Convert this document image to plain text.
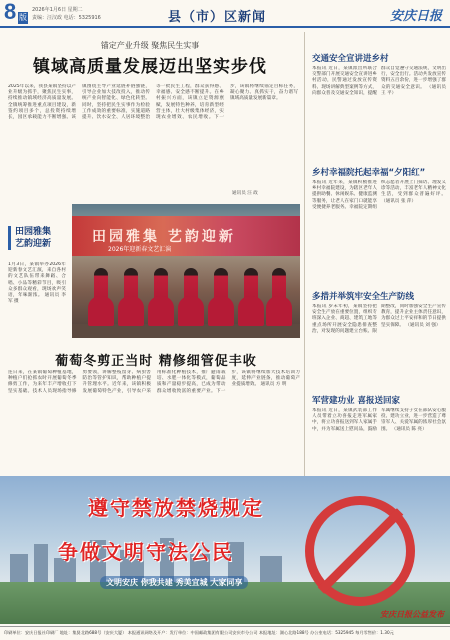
8 版
2026年1月6日 星期二
责编：汪汉政 电话：5325916	县（市）区新闻	安庆日报
锚定产业升级 聚焦民生实事
镇域高质量发展迈出坚实步伐
2025年以来，我县某镇坚持以产业升级为抓手，聚焦民生实事，持续推动镇域经济高质量发展。全镇统筹推进重点项目建设，新签约项目多个，总投资持续增长，园区承载能力不断增强。该镇围绕主导产业延链补链强链，引导企业加大技改投入，推动传统产业向智能化、绿色化转型。同时，坚持把民生实事作为检验工作成效的重要标准，实施道路提升、饮水安全、人居环境整治等一批民生工程，群众获得感、幸福感、安全感不断提升。在乡村振兴方面，该镇立足资源禀赋，发展特色种养，培育新型经营主体，壮大村级集体经济，实现农业增效、农民增收。下一步，该镇将继续锚定目标任务，凝心聚力、真抓实干，奋力谱写镇域高质量发展新篇章。
通讯员 汪 政
田园雅集
艺韵迎新
1月3日，某镇举办2026年迎新春文艺汇演，来自各村的文艺队伍带来舞蹈、合唱、小品等精彩节目，吸引众多群众观看，现场欢声笑语，年味渐浓。 通讯员 李 军 摄
田园雅集 艺韵迎新
2026年迎新春文艺汇演
葡萄冬剪正当时 精修细管促丰收
连日来，在某镇葡萄种植基地，种植户们抢抓农时开展葡萄冬季修剪工作，为来年丰产增收打下坚实基础。技术人员现场指导修剪要领，讲解整枝留芽、病虫害防治等管护知识，帮助种植户提升管理水平。近年来，该镇积极发展葡萄特色产业，引导农户采用标准化种植技术，推广避雨栽培、水肥一体化等模式，葡萄品质和产量稳步提高，已成为带动群众增收致富的重要产业。下一步，该镇将继续加大技术培训力度，延伸产业链条，推动葡萄产业提质增效。 通讯员 方 明
交通安全宣讲进乡村
本报讯 近日，某镇派出所联合交警部门开展交通安全宣讲进乡村活动，民警通过发放宣传资料、现场讲解典型案例等方式，向群众普及交通安全知识，提醒群众自觉遵守交通法规，文明出行，安全出行。活动共发放宣传资料五百余份，进一步增强了群众的交通安全意识。 （通讯员 王 平）
乡村幸福院托起幸福“夕阳红”
本报讯 近年来，某镇积极推进乡村幸福院建设，为辖区老年人提供助餐、休闲娱乐、健康监测等服务，让老人在家门口就能享受便捷养老服务。幸福院定期组织志愿者开展上门探访、理发义诊等活动，丰富老年人精神文化生活，受到群众普遍好评。 （通讯员 张 萍）
多措并举筑牢安全生产防线
本报讯 岁末年初，某镇坚持把安全生产放在重要位置，组织专班深入企业、商超、建筑工地等重点场所开展安全隐患排查整治，对发现的问题建立台账、限期整改，同时加强安全生产宣传教育，提升企业主体责任意识，为群众过上平安祥和的节日提供坚实保障。 （通讯员 刘 强）
军营建功业 喜报送回家
本报讯 近日，某镇武装部工作人员带着立功喜报走进军属家中，将立功喜报送到军人家属手中，并为军属送上慰问品，鼓励军属继续支持子女在部队安心服役、建功立业，进一步营造了尊崇军人、关爱军属的浓厚社会氛围。 （通讯员 陈 亮）
遵守禁放禁烧规定
争做文明守法公民
文明安庆 你我共建 秀美宜城 大家同享
安庆日报公益发布
印刷单位：安庆日报社印刷厂 地址：集贤北路688号（安庆大厦） 本报通讯网络及开户：发行单位：中国邮政集团有限公司安庆市分公司 本报地址：湖心北路188号 办公室电话：5325945 每月零售价：1.30元
